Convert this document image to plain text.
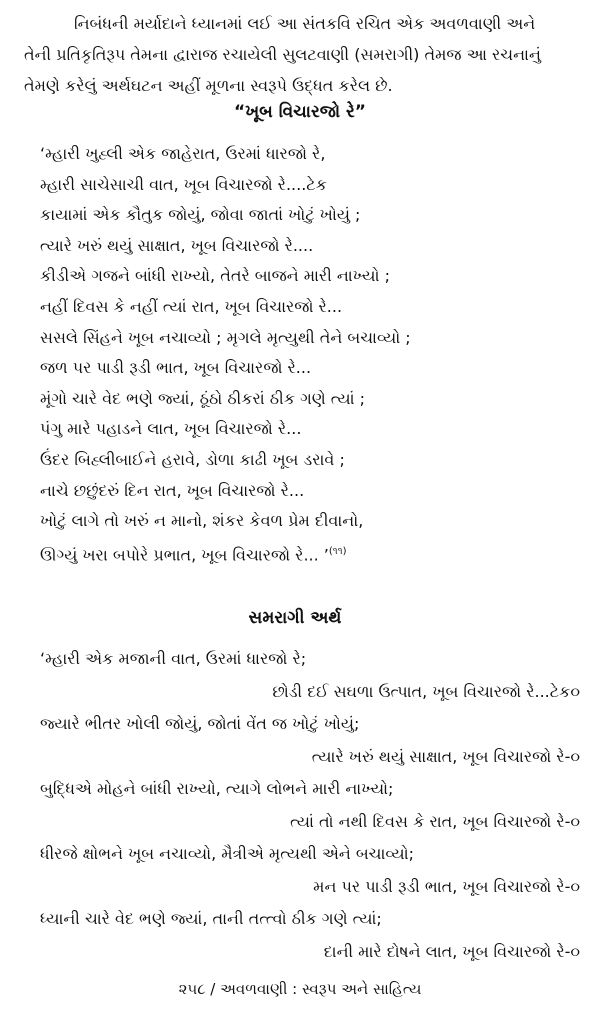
નિબંધની મર્યાદાને ધ્યાનમાં લઈ આ સંતકવિ રચિત એક અવળવાણી અને

તેની પ્રતિકૃતિરૂપ તેમના દ્વારાજ રચાયેલી સુલટવાણી (સમરાગી) તેમજ આ રચનાનું

તેમણે કરેલું અર્થઘટન અહીં મૂળના સ્વરૂપે ઉદ્ધત કરેલ છે.

“ખૂબ વિચારજો રે”
‘મ્હારી ખુહ્લી એક જાહેરાત, ઉરમાં ધારજો રે,
મ્હારી સાચેસાચી વાત, ખૂબ વિચારજો રે....ટેક
કાયામાં એક કૌતુક જોયું, જોવા જાતાં ખોટું ખોયું ;
ત્યારે ખરું થયું સાક્ષાત, ખૂબ વિચારજો રે....
કીડીએ ગજને બાંધી રાખ્યો, તેતરે બાજને મારી નાખ્યો ;
નહીં દિવસ કે નહીં ત્યાં રાત, ખૂબ વિચારજો રે...
સસલે સિંહને ખૂબ નચાવ્યો ; મૃગલે મૃત્યુથી તેને બચાવ્યો ;
જળ પર પાડી રૂડી ભાત, ખૂબ વિચારજો રે...
મૂંગો ચારે વેદ ભણે જ્યાં, ઠૂંઠો ઠીકરાં ઠીક ગણે ત્યાં ;
પંગુ મારે પહાડને લાત, ખૂબ વિચારજો રે...
ઉંદર બિહ્લીબાઈને હરાવે, ડોળા કાઢી ખૂબ ડરાવે ;
નાચે છછુંદરું દિન રાત, ખૂબ વિચારજો રે...
ખોટું લાગે તો ખરું ન માનો, શંકર કેવળ પ્રેમ દીવાનો,
ઊગ્યું ખરા બપોરે પ્રભાત, ખૂબ વિચારજો રે... ’$^{(૧૧)}$
સમરાગી અર્થ
‘મ્હારી એક મજાની વાત, ઉરમાં ધારજો રે;
છોડી દઈ સઘળા ઉત્પાત, ખૂબ વિચારજો રે...ટેક૦
જ્યારે ભીતર ખોલી જોયું, જોતાં વેંત જ ખોટું ખોયું;
ત્યારે ખરું થયું સાક્ષાત, ખૂબ વિચારજો રે-૦
બુદ્ધિએ મોહને બાંધી રાખ્યો, ત્યાગે લોભને મારી નાખ્યો;
ત્યાં તો નથી દિવસ કે રાત, ખૂબ વિચારજો રે-૦
ધીરજે ક્ષોભને ખૂબ નચાવ્યો, મૈત્રીએ મૃત્યથી એને બચાવ્યો;
મન પર પાડી રૂડી ભાત, ખૂબ વિચારજો રે-૦
ધ્યાની ચારે વેદ ભણે જ્યાં, તાની તત્ત્વો ઠીક ગણે ત્યાં;
દાની મારે દોષને લાત, ખૂબ વિચારજો રે-૦
૨૫૮ / અવળવાણી : સ્વરૂપ અને સાહિત્ય
